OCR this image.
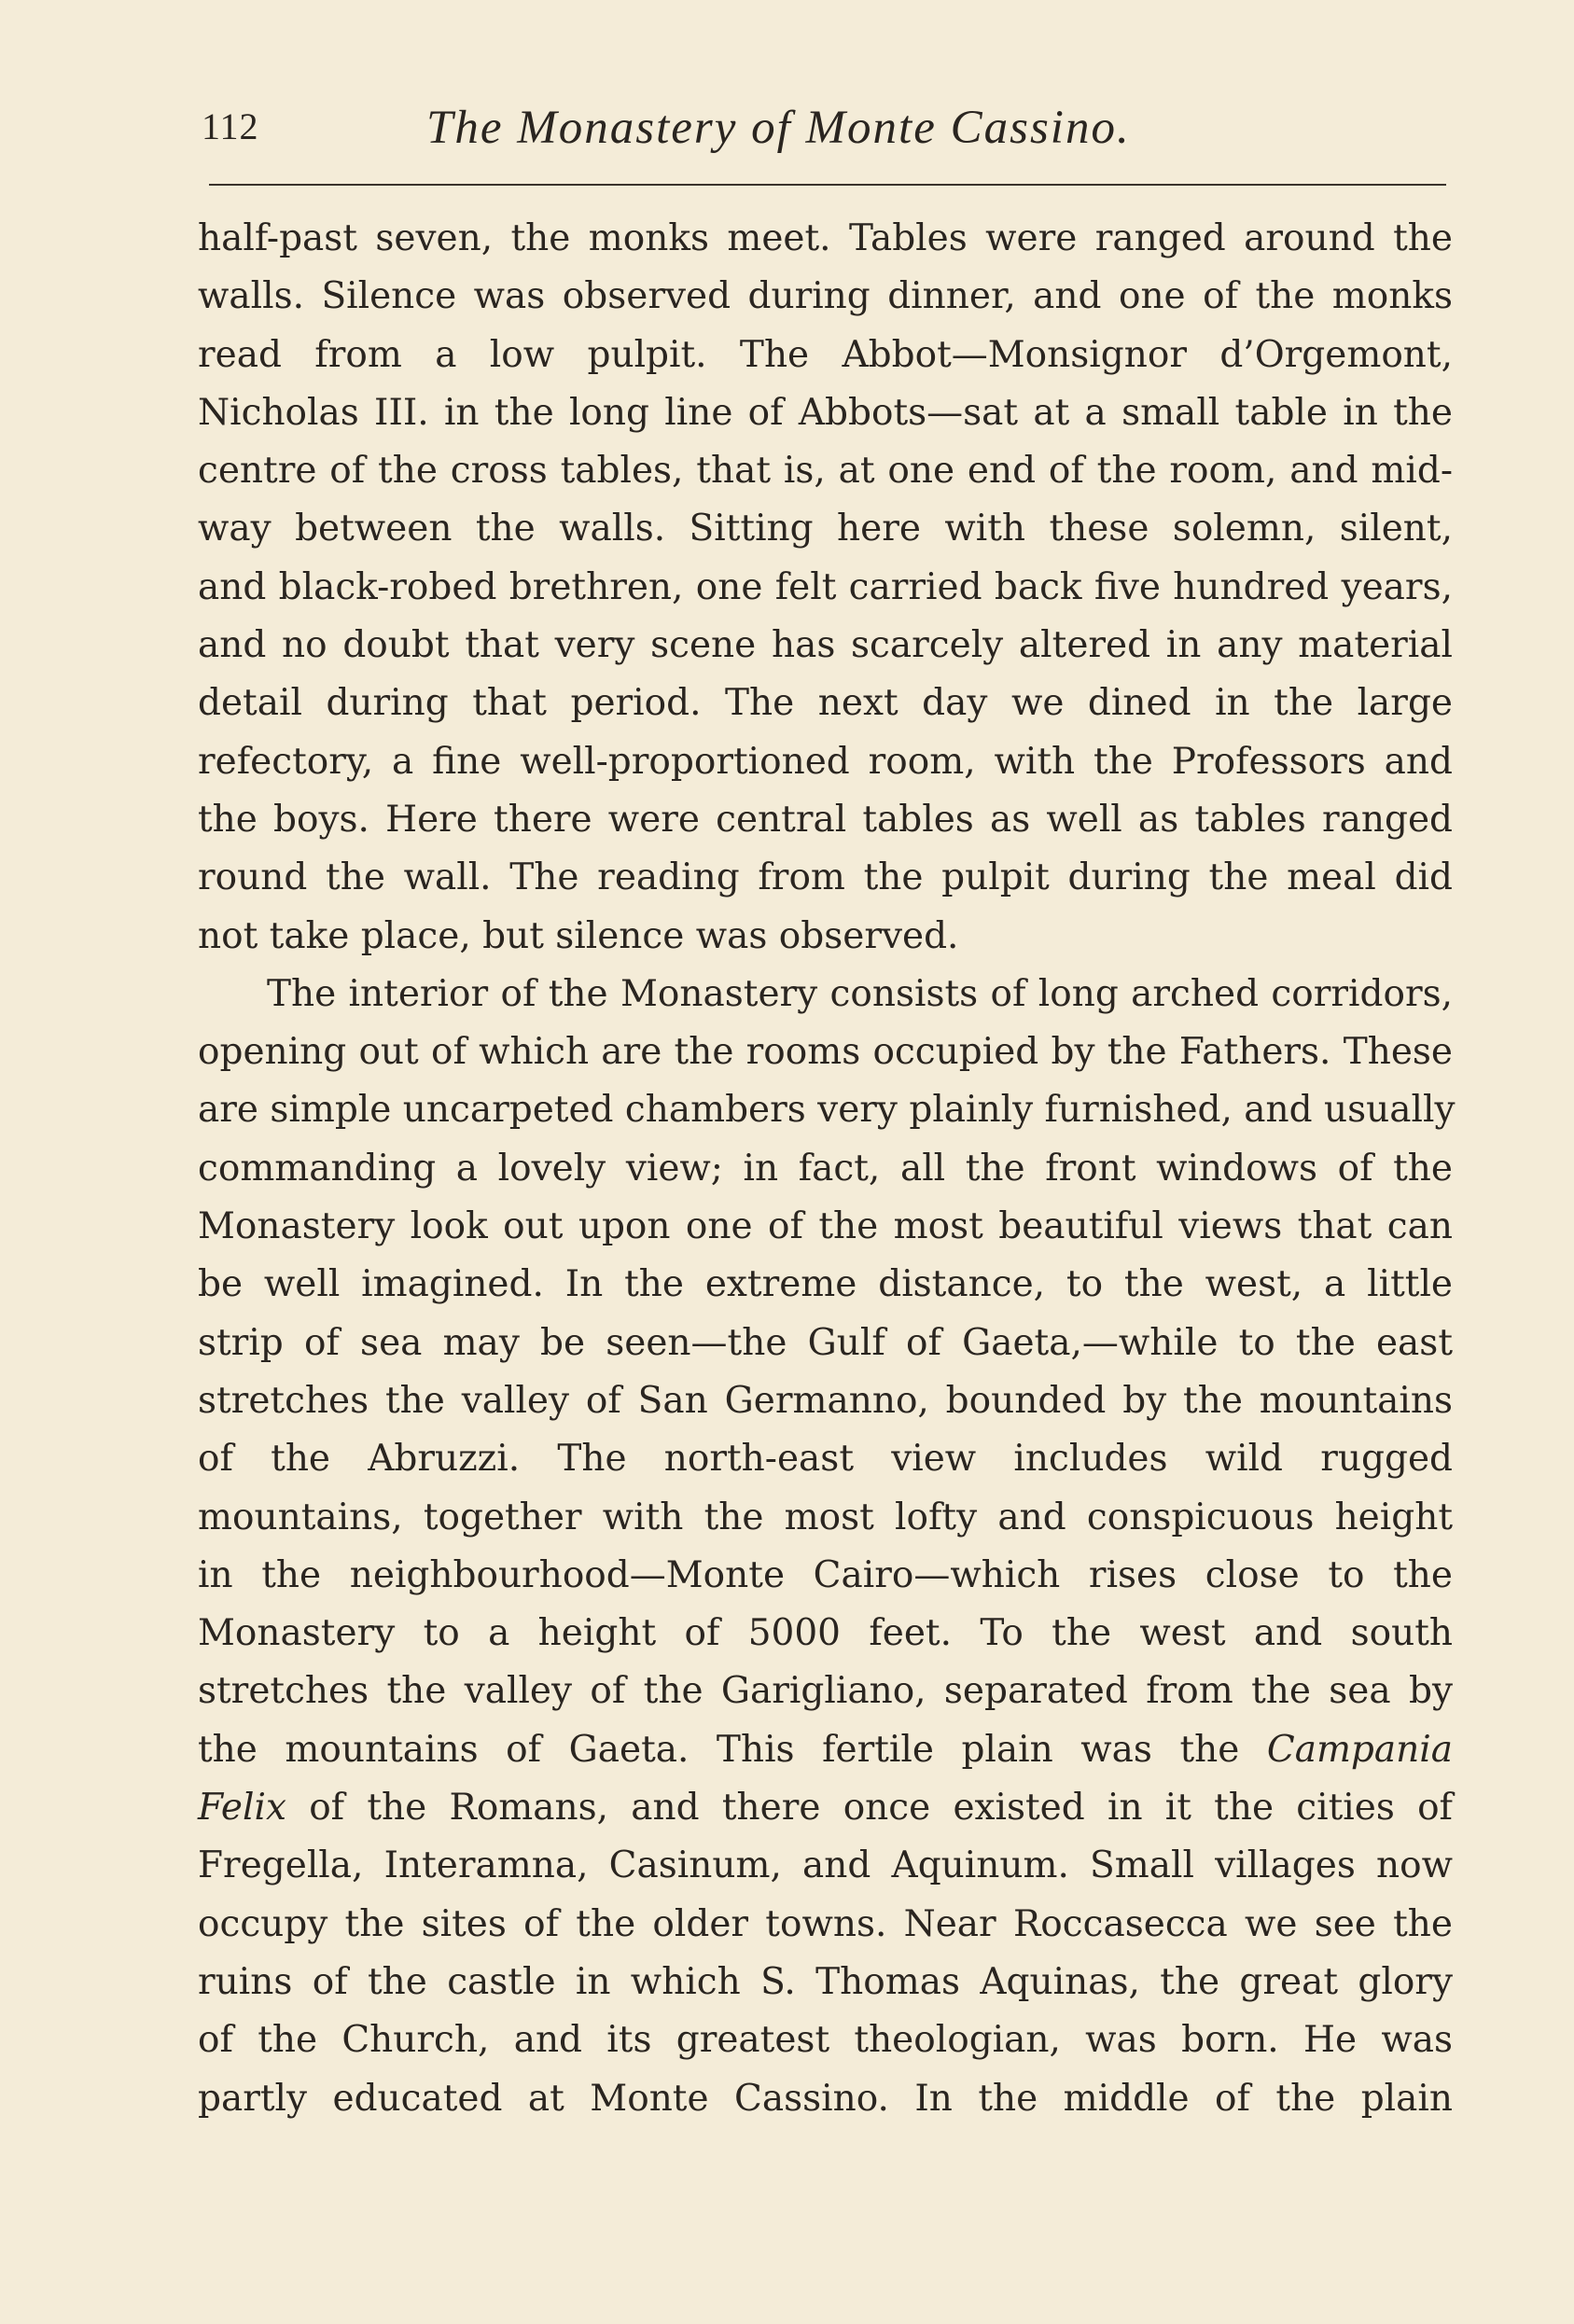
112	The Monastery of Monte Cassino.
half-past seven, the monks meet. Tables were ranged around the
walls. Silence was observed during dinner, and one of the monks
read from a low pulpit. The Abbot—Monsignor d’Orgemont,
Nicholas III. in the long line of Abbots—sat at a small table in the
centre of the cross tables, that is, at one end of the room, and mid-
way between the walls. Sitting here with these solemn, silent,
and black-robed brethren, one felt carried back five hundred years,
and no doubt that very scene has scarcely altered in any material
detail during that period. The next day we dined in the large
refectory, a fine well-proportioned room, with the Professors and
the boys. Here there were central tables as well as tables ranged
round the wall. The reading from the pulpit during the meal did
not take place, but silence was observed.
The interior of the Monastery consists of long arched corridors,
opening out of which are the rooms occupied by the Fathers. These
are simple uncarpeted chambers very plainly furnished, and usually
commanding a lovely view; in fact, all the front windows of the
Monastery look out upon one of the most beautiful views that can
be well imagined. In the extreme distance, to the west, a little
strip of sea may be seen—the Gulf of Gaeta,—while to the east
stretches the valley of San Germanno, bounded by the mountains
of the Abruzzi. The north-east view includes wild rugged
mountains, together with the most lofty and conspicuous height
in the neighbourhood—Monte Cairo—which rises close to the
Monastery to a height of 5000 feet. To the west and south
stretches the valley of the Garigliano, separated from the sea by
the mountains of Gaeta. This fertile plain was the Campania
Felix of the Romans, and there once existed in it the cities of
Fregella, Interamna, Casinum, and Aquinum. Small villages now
occupy the sites of the older towns. Near Roccasecca we see the
ruins of the castle in which S. Thomas Aquinas, the great glory
of the Church, and its greatest theologian, was born. He was
partly educated at Monte Cassino. In the middle of the plain
